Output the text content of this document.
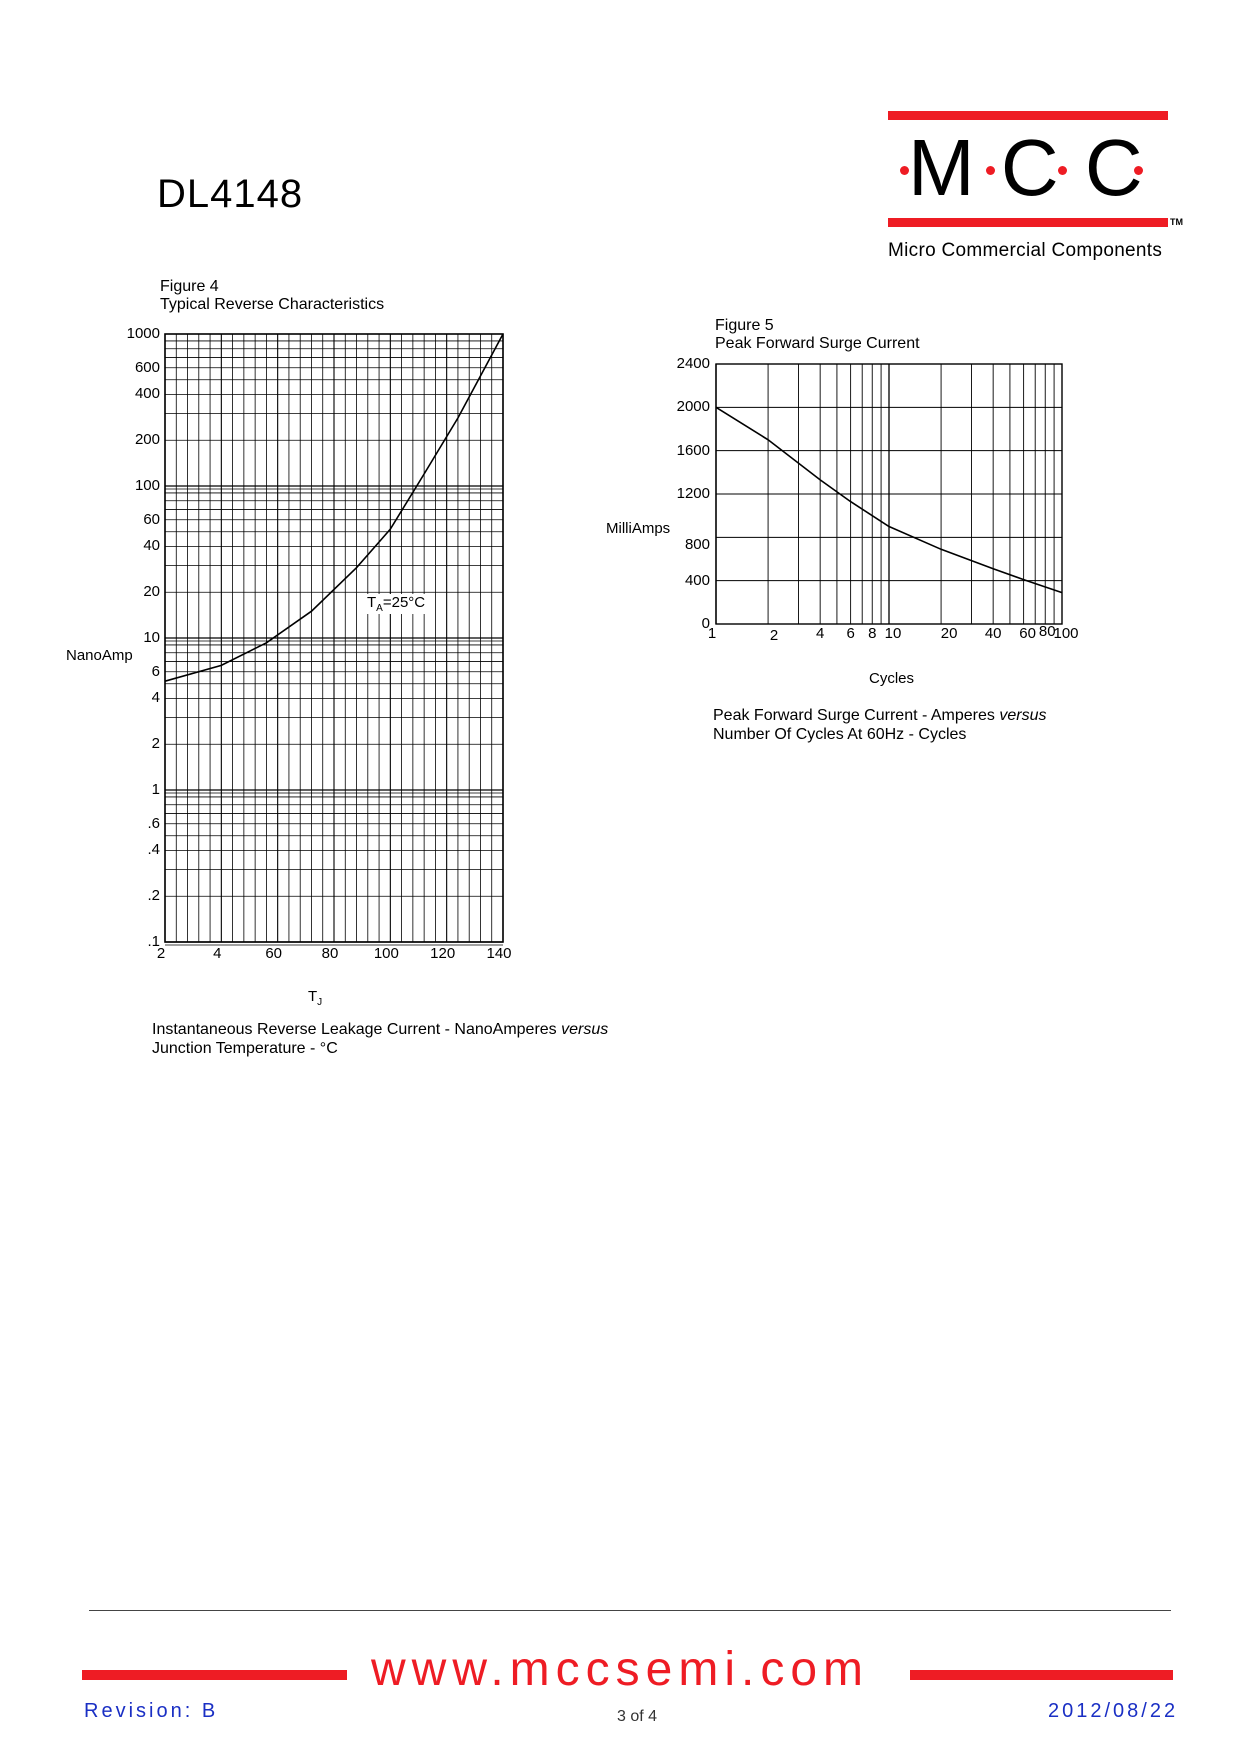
DL4148	M C C
TM
Micro Commercial Components
Figure 4
Typical Reverse Characteristics
NanoAmp
$T_J$
$T_A=25^\circ C$
1000
600
400
200
100
60
40
20
10
6
4
2
1
.6
.4
.2
.1
2	4	60	80 100 120 140
Instantaneous Reverse Leakage Current - NanoAmperes versus
Junction Temperature - °C
Figure 5
Peak Forward Surge Current
MilliAmps
Cycles
2400
2000
1600
1200
800
400
0
1	2	4 6 8 10	20 40 60 80
100
Peak Forward Surge Current - Amperes versus
Number Of Cycles At 60Hz - Cycles
www.mccsemi.com
Revision: B	3 of 4	2012/08/22
